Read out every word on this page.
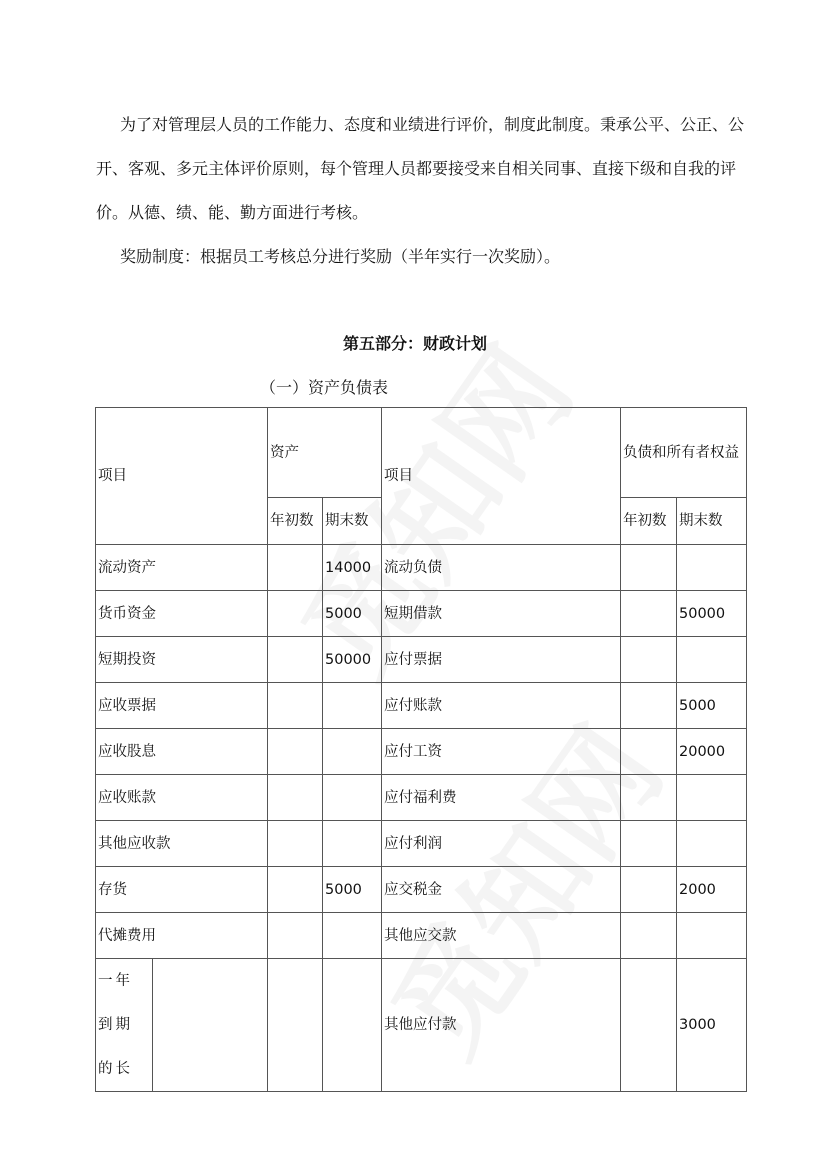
为了对管理层人员的工作能力、态度和业绩进行评价，制度此制度。秉承公平、公正、公开、客观、多元主体评价原则，每个管理人员都要接受来自相关同事、直接下级和自我的评价。从德、绩、能、勤方面进行考核。

奖励制度：根据员工考核总分进行奖励（半年实行一次奖励）。

第五部分：财政计划
（一）资产负债表
项目		资产		项目	负债和所有者权益	
		年初数	期末数		年初数	期末数
流动资产			14000	流动负债		
货币资金			5000	短期借款		50000
短期投资			50000	应付票据		
应收票据				应付账款		5000
应收股息				应付工资		20000
应收账款				应付福利费		
其他应收款				应付利润		
存货			5000	应交税金		2000
代摊费用				其他应交款		
一年到期的长				其他应付款		3000
